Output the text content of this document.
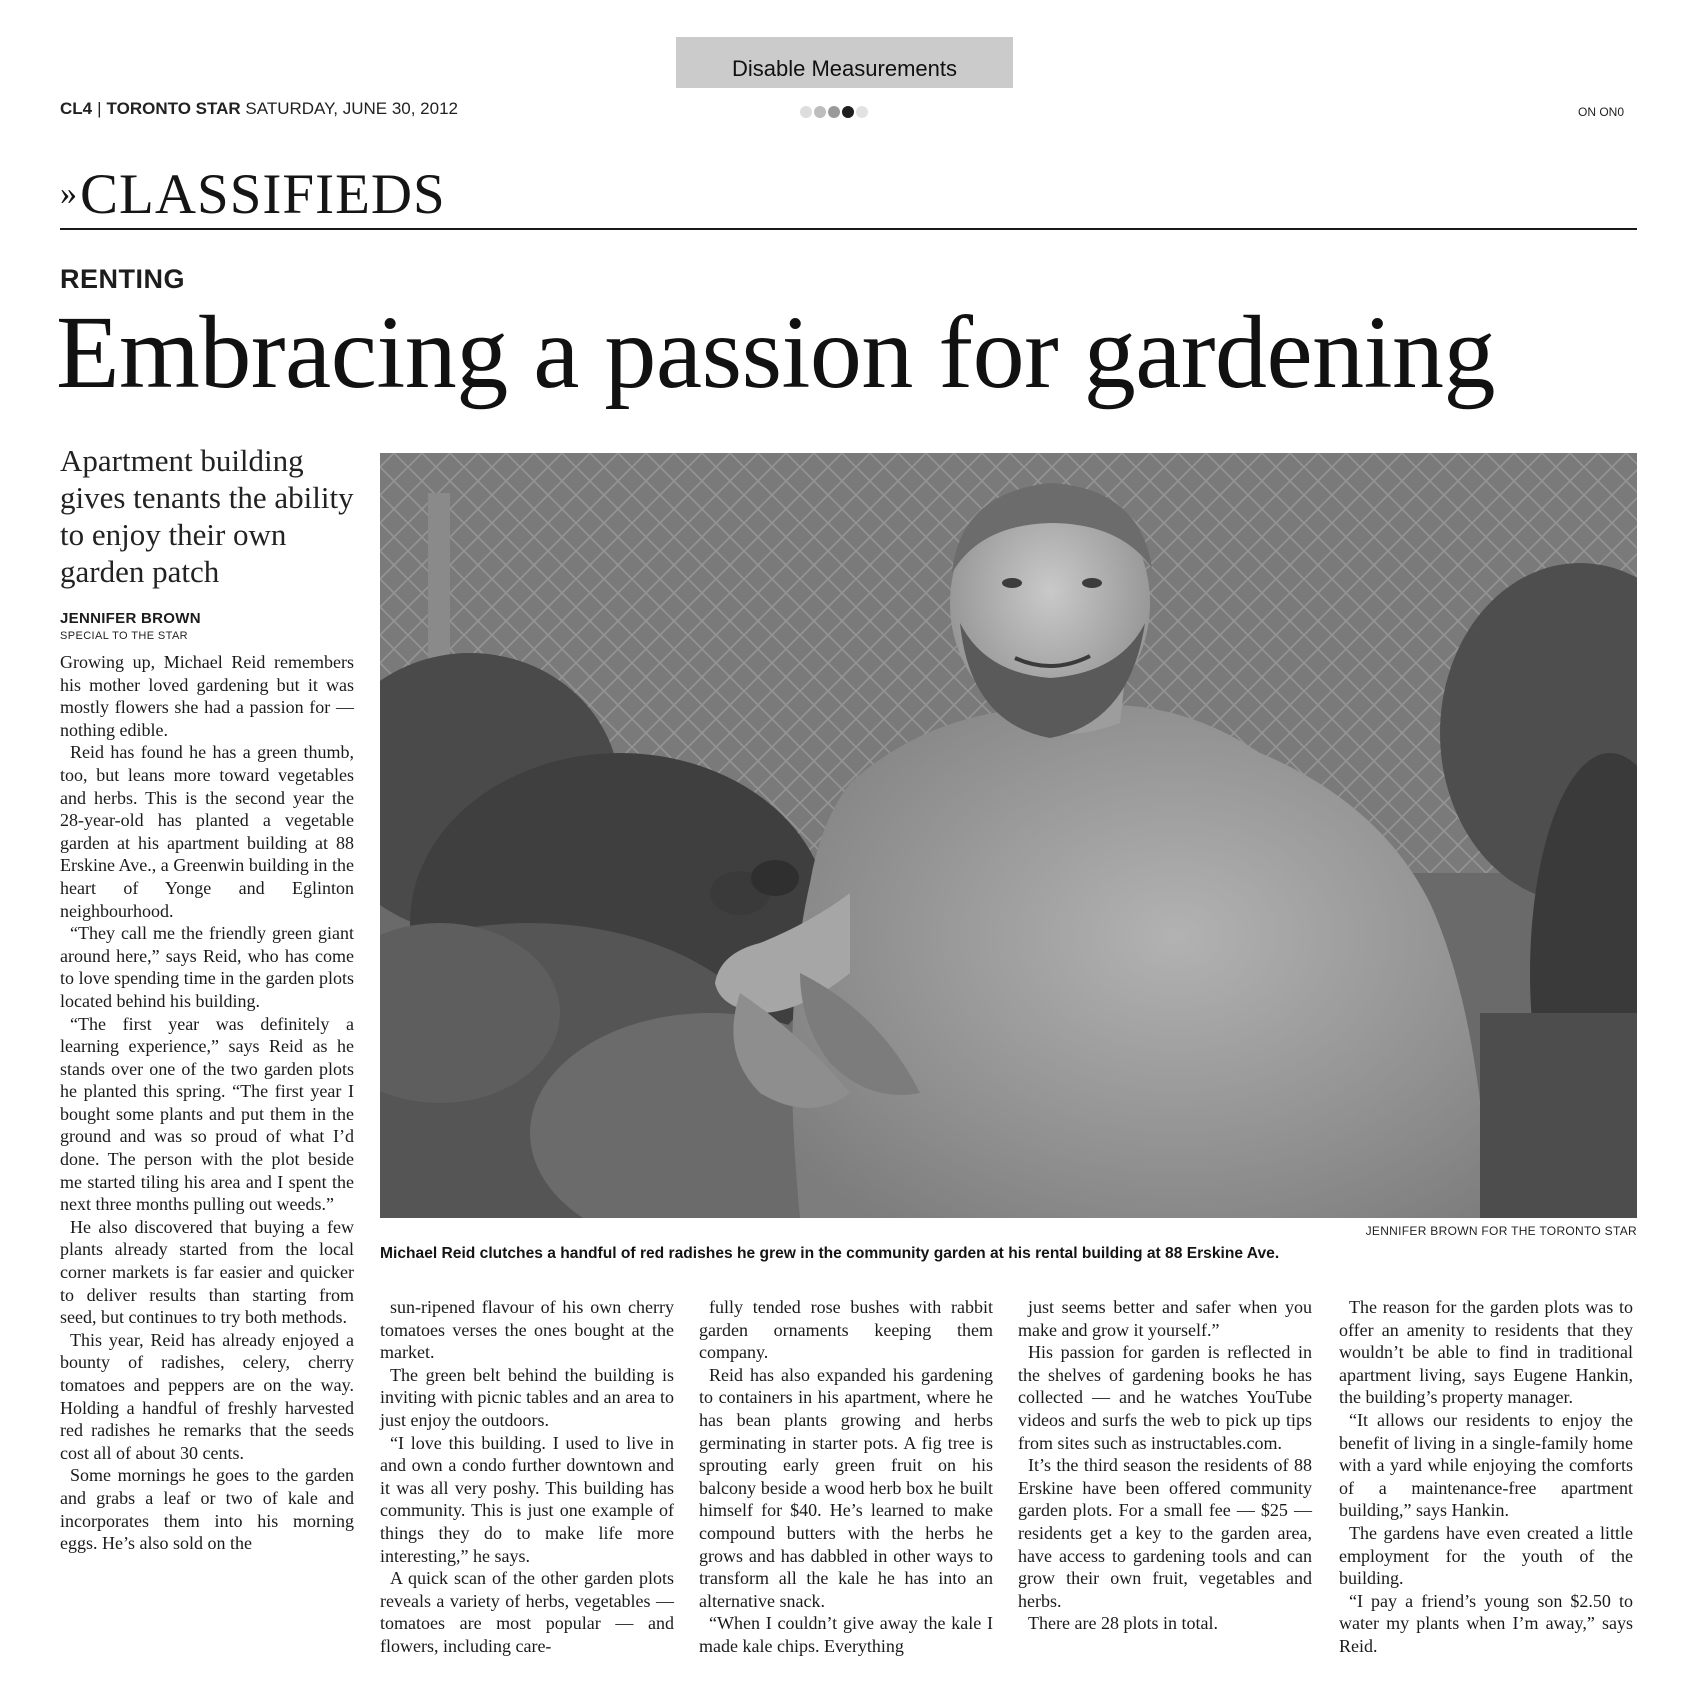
Disable Measurements
CL4 | TORONTO STAR SATURDAY, JUNE 30, 2012	ON ON0
»CLASSIFIEDS
RENTING
Embracing a passion for gardening
Apartment building gives tenants the ability to enjoy their own garden patch
JENNIFER BROWN
SPECIAL TO THE STAR
JENNIFER BROWN FOR THE TORONTO STAR
Michael Reid clutches a handful of red radishes he grew in the community garden at his rental building at 88 Erskine Ave.

Growing up, Michael Reid remembers his mother loved gardening but it was mostly flowers she had a passion for — nothing edible.

Reid has found he has a green thumb, too, but leans more toward vegetables and herbs. This is the second year the 28-year-old has planted a vegetable garden at his apartment building at 88 Erskine Ave., a Greenwin building in the heart of Yonge and Eglinton neighbourhood.

“They call me the friendly green giant around here,” says Reid, who has come to love spending time in the garden plots located behind his building.

“The first year was definitely a learning experience,” says Reid as he stands over one of the two garden plots he planted this spring. “The first year I bought some plants and put them in the ground and was so proud of what I’d done. The person with the plot beside me started tiling his area and I spent the next three months pulling out weeds.”

He also discovered that buying a few plants already started from the local corner markets is far easier and quicker to deliver results than starting from seed, but continues to try both methods.

This year, Reid has already enjoyed a bounty of radishes, celery, cherry tomatoes and peppers are on the way. Holding a handful of freshly harvested red radishes he remarks that the seeds cost all of about 30 cents.

Some mornings he goes to the garden and grabs a leaf or two of kale and incorporates them into his morning eggs. He’s also sold on the

sun-ripened flavour of his own cherry tomatoes verses the ones bought at the market.

The green belt behind the building is inviting with picnic tables and an area to just enjoy the outdoors.

“I love this building. I used to live in and own a condo further downtown and it was all very poshy. This building has community. This is just one example of things they do to make life more interesting,” he says.

A quick scan of the other garden plots reveals a variety of herbs, vegetables — tomatoes are most popular — and flowers, including care-

fully tended rose bushes with rabbit garden ornaments keeping them company.

Reid has also expanded his gardening to containers in his apartment, where he has bean plants growing and herbs germinating in starter pots. A fig tree is sprouting early green fruit on his balcony beside a wood herb box he built himself for $40. He’s learned to make compound butters with the herbs he grows and has dabbled in other ways to transform all the kale he has into an alternative snack.

“When I couldn’t give away the kale I made kale chips. Everything

just seems better and safer when you make and grow it yourself.”

His passion for garden is reflected in the shelves of gardening books he has collected — and he watches YouTube videos and surfs the web to pick up tips from sites such as instructables.com.

It’s the third season the residents of 88 Erskine have been offered community garden plots. For a small fee — $25 — residents get a key to the garden area, have access to gardening tools and can grow their own fruit, vegetables and herbs.

There are 28 plots in total.

The reason for the garden plots was to offer an amenity to residents that they wouldn’t be able to find in traditional apartment living, says Eugene Hankin, the building’s property manager.

“It allows our residents to enjoy the benefit of living in a single-family home with a yard while enjoying the comforts of a maintenance-free apartment building,” says Hankin.

The gardens have even created a little employment for the youth of the building.

“I pay a friend’s young son $2.50 to water my plants when I’m away,” says Reid.
